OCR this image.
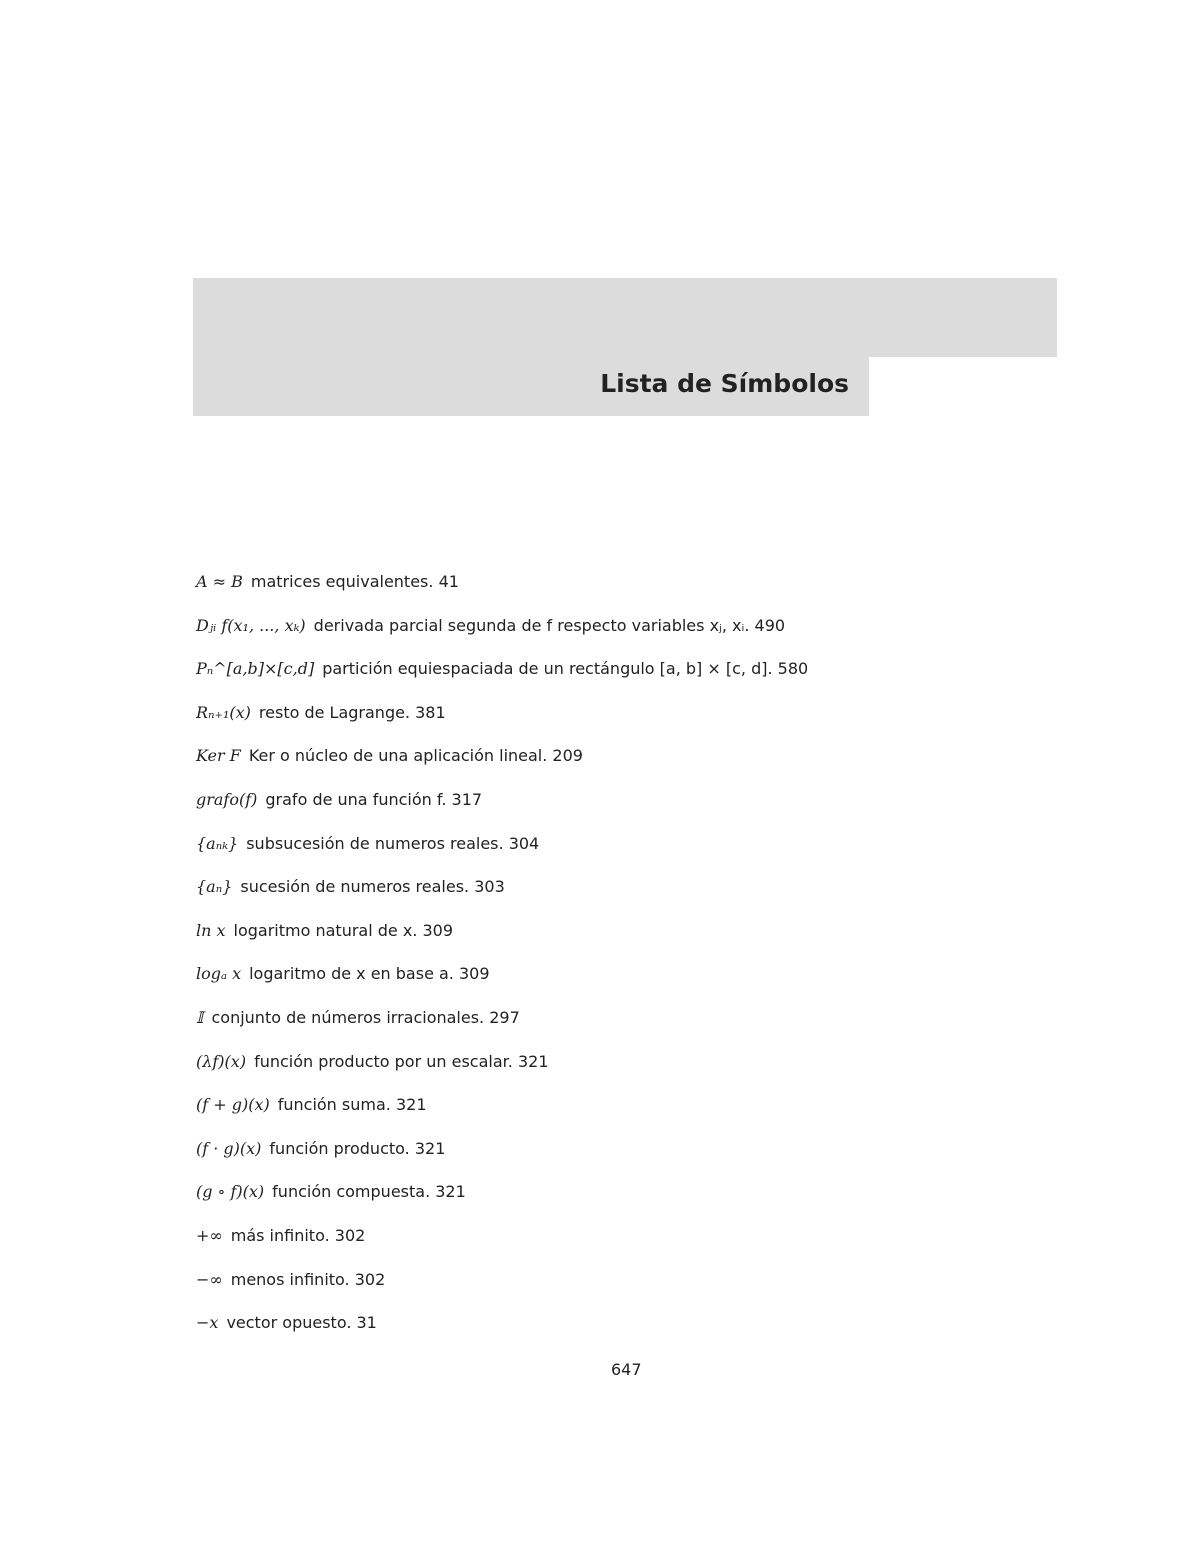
Lista de Símbolos
A ≈ B matrices equivalentes. 41
Dⱼᵢ f(x₁, ..., xₖ) derivada parcial segunda de f respecto variables xⱼ, xᵢ. 490
Pₙ^[a,b]×[c,d] partición equiespaciada de un rectángulo [a, b] × [c, d]. 580
Rₙ₊₁(x) resto de Lagrange. 381
Ker F Ker o núcleo de una aplicación lineal. 209
grafo(f) grafo de una función f. 317
{aₙₖ} subsucesión de numeros reales. 304
{aₙ} sucesión de numeros reales. 303
ln x logaritmo natural de x. 309
logₐ x logaritmo de x en base a. 309
𝕀 conjunto de números irracionales. 297
(λf)(x) función producto por un escalar. 321
(f + g)(x) función suma. 321
(f · g)(x) función producto. 321
(g ∘ f)(x) función compuesta. 321
+∞ más infinito. 302
−∞ menos infinito. 302
−x vector opuesto. 31
647
